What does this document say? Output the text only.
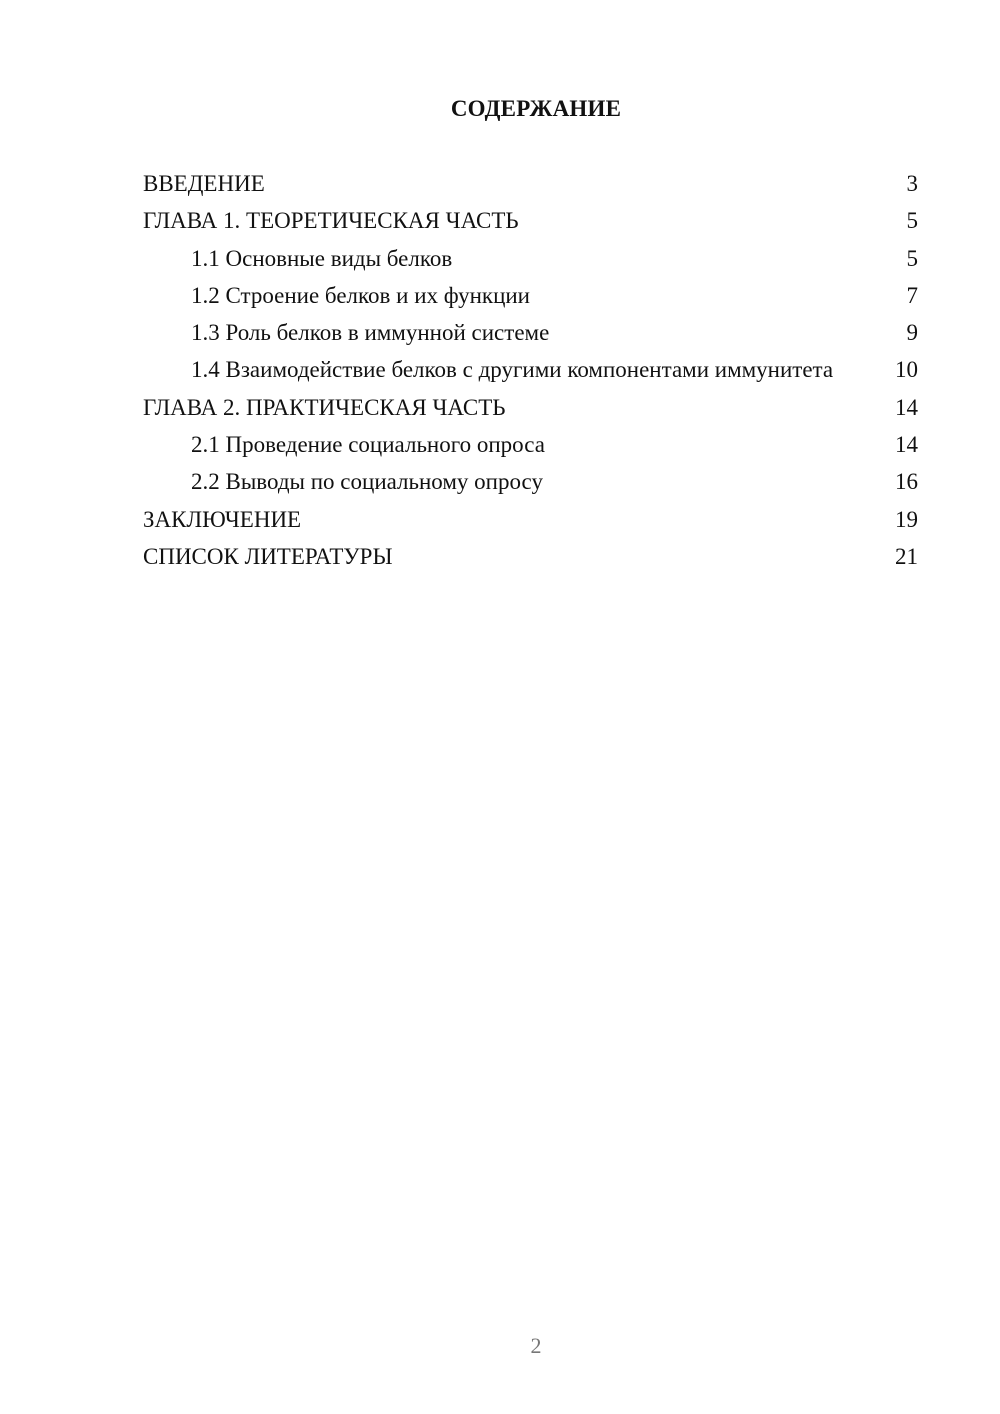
СОДЕРЖАНИЕ
ВВЕДЕНИЕ	3
ГЛАВА 1. ТЕОРЕТИЧЕСКАЯ ЧАСТЬ	5
1.1 Основные виды белков	5
1.2 Строение белков и их функции	7
1.3 Роль белков в иммунной системе	9
1.4 Взаимодействие белков с другими компонентами иммунитета	10
ГЛАВА 2. ПРАКТИЧЕСКАЯ ЧАСТЬ	14
2.1 Проведение социального опроса	14
2.2 Выводы по социальному опросу	16
ЗАКЛЮЧЕНИЕ	19
СПИСОК ЛИТЕРАТУРЫ	21
2
